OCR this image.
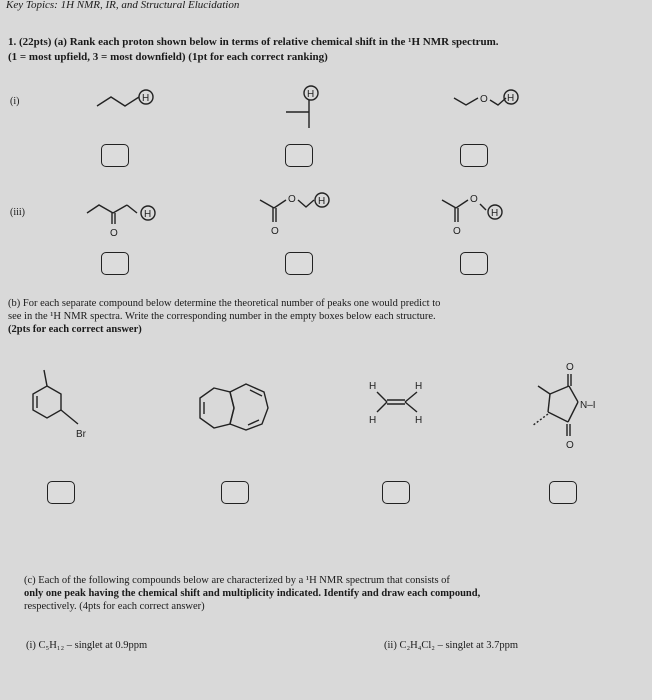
Key Topics: 1H NMR, IR, and Structural Elucidation
1. (22pts) (a) Rank each proton shown below in terms of relative chemical shift in the ¹H NMR spectrum.
(1 = most upfield, 3 = most downfield) (1pt for each correct ranking)
(i)	H	H	O H
(iii)
O
H
O
O H
O
O
H
(b) For each separate compound below determine the theoretical number of peaks one would predict to
see in the ¹H NMR spectra. Write the corresponding number in the empty boxes below each structure.
(2pts for each correct answer)
Br
H	H
H	H
O
O
N–I
(c) Each of the following compounds below are characterized by a ¹H NMR spectrum that consists of
only one peak having the chemical shift and multiplicity indicated. Identify and draw each compound,
respectively. (4pts for each correct answer)
(i) C₅H₁₂ – singlet at 0.9ppm	(ii) C₂H₄Cl₂ – singlet at 3.7ppm
